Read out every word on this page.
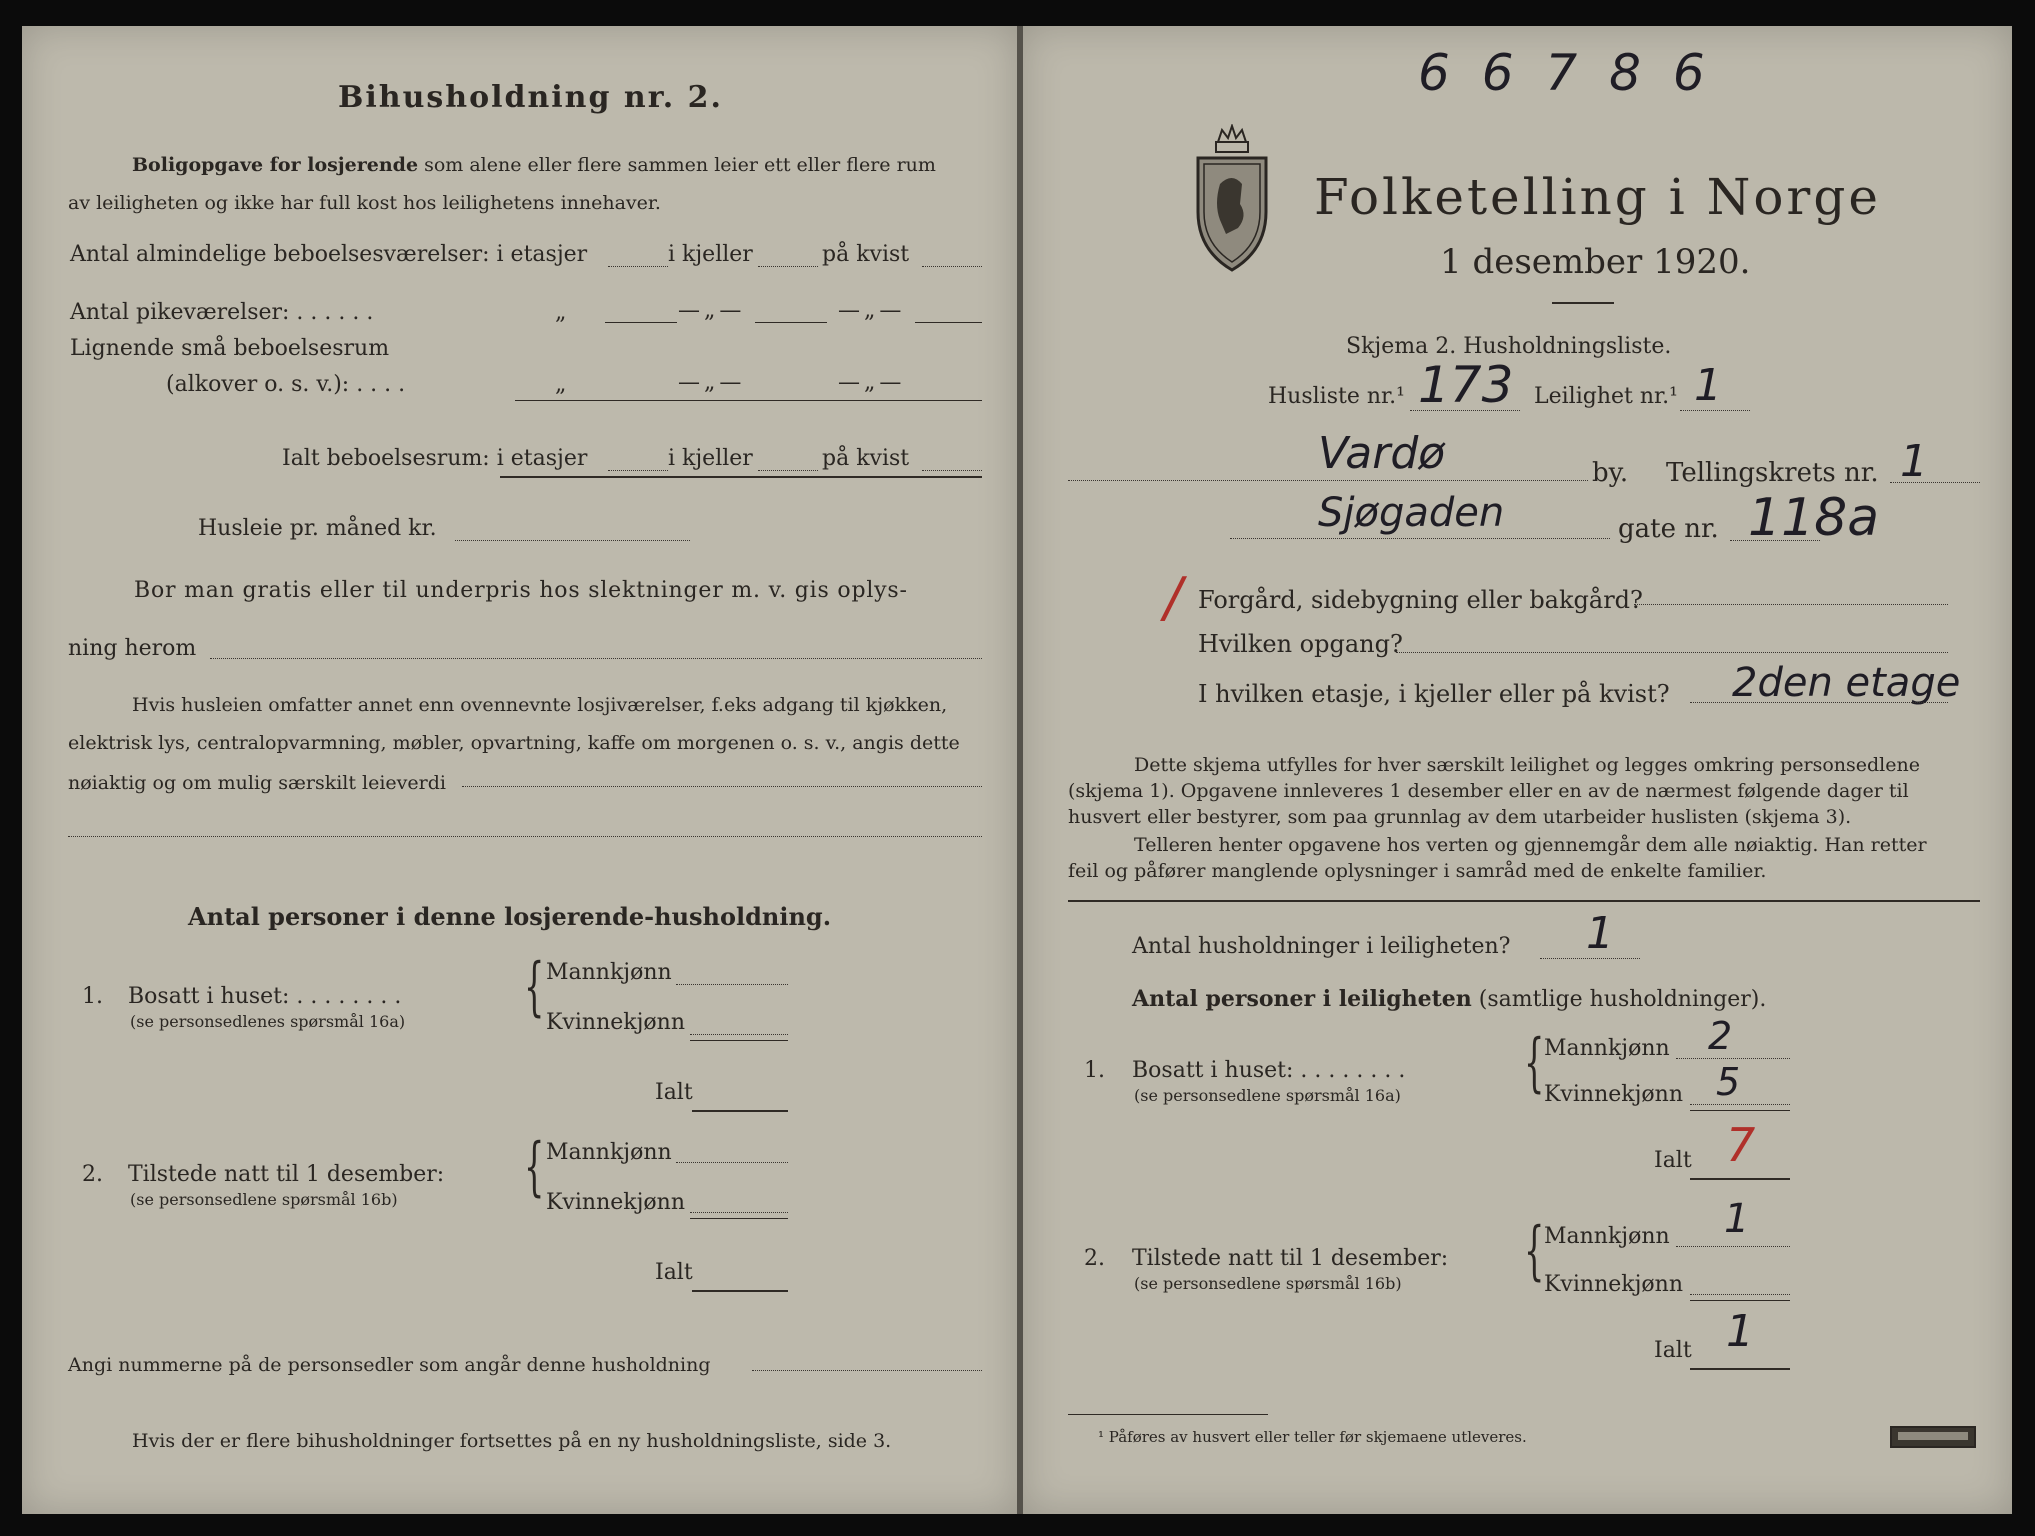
Bihusholdning nr. 2.
Boligopgave for losjerende som alene eller flere sammen leier ett eller flere rum
av leiligheten og ikke har full kost hos leilighetens innehaver.
Antal almindelige beboelsesværelser: i etasjer	i kjeller	på kvist
Antal pikeværelser: . . . . . .	„	—„—	—„—
Lignende små beboelsesrum
(alkover o. s. v.): . . . .	„	—„—	—„—
Ialt beboelsesrum: i etasjer	i kjeller	på kvist
Husleie pr. måned kr.
Bor man gratis eller til underpris hos slektninger m. v. gis oplys-
ning herom
Hvis husleien omfatter annet enn ovennevnte losjiværelser, f.eks adgang til kjøkken,
elektrisk lys, centralopvarmning, møbler, opvartning, kaffe om morgenen o. s. v., angis dette
nøiaktig og om mulig særskilt leieverdi
Antal personer i denne losjerende-husholdning.
1. Bosatt i huset: . . . . . . . .
(se personsedlenes spørsmål 16a) { Mannkjønn
Kvinnekjønn
Ialt
2. Tilstede natt til 1 desember:
(se personsedlene spørsmål 16b) { Mannkjønn
Kvinnekjønn
Ialt
Angi nummerne på de personsedler som angår denne husholdning
Hvis der er flere bihusholdninger fortsettes på en ny husholdningsliste, side 3.
6 6 7 8 6
Folketelling i Norge
1 desember 1920.
Skjema 2. Husholdningsliste.
Husliste nr.¹ 173 Leilighet nr.¹ 1
Vardø	by. Tellingskrets nr. 1
Sjøgaden	gate nr. 118a
/ Forgård, sidebygning eller bakgård?
Hvilken opgang?
I hvilken etasje, i kjeller eller på kvist? 2den etage
Dette skjema utfylles for hver særskilt leilighet og legges omkring personsedlene
(skjema 1). Opgavene innleveres 1 desember eller en av de nærmest følgende dager til
husvert eller bestyrer, som paa grunnlag av dem utarbeider huslisten (skjema 3).
Telleren henter opgavene hos verten og gjennemgår dem alle nøiaktig. Han retter
feil og påfører manglende oplysninger i samråd med de enkelte familier.
Antal husholdninger i leiligheten? 1
Antal personer i leiligheten (samtlige husholdninger).
1. Bosatt i huset: . . . . . . . .
(se personsedlene spørsmål 16a) { Mannkjønn 2
Kvinnekjønn 5
Ialt 7
2. Tilstede natt til 1 desember:
(se personsedlene spørsmål 16b) { Mannkjønn 1
Kvinnekjønn
Ialt 1
¹ Påføres av husvert eller teller før skjemaene utleveres.
